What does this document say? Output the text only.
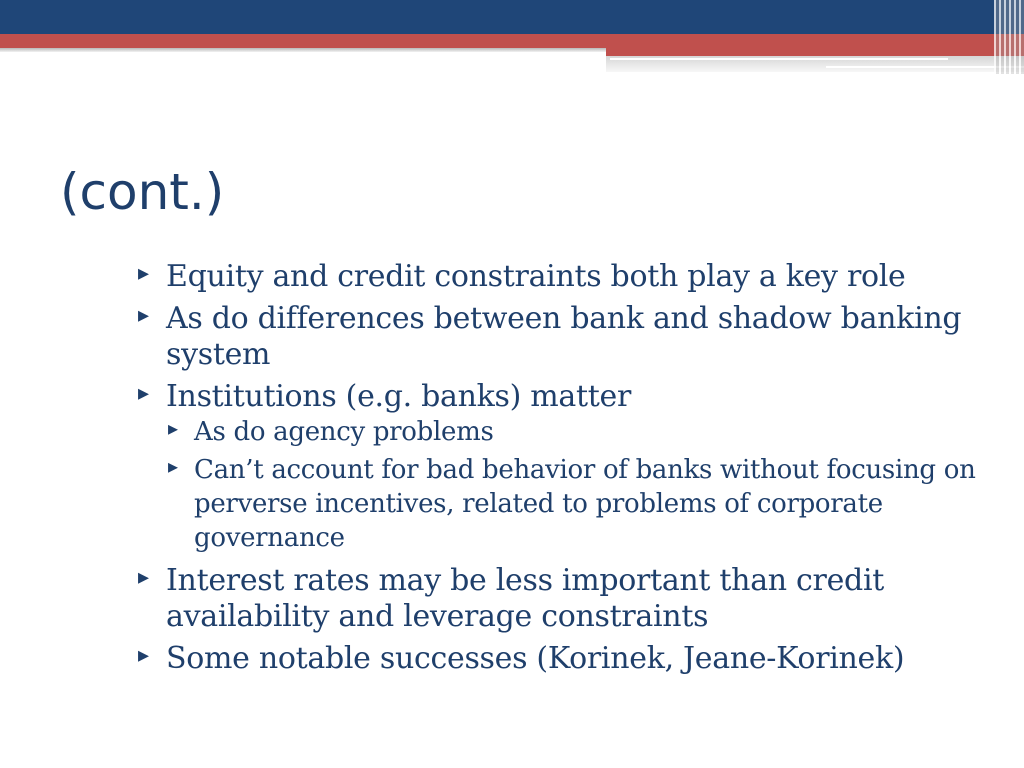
(cont.)
▸ Equity and credit constraints both play a key role
▸ As do differences between bank and shadow banking system
▸ Institutions (e.g. banks) matter
▸ As do agency problems
▸ Can’t account for bad behavior of banks without focusing on perverse incentives, related to problems of corporate governance
▸ Interest rates may be less important than credit availability and leverage constraints
▸ Some notable successes (Korinek, Jeane-Korinek)
